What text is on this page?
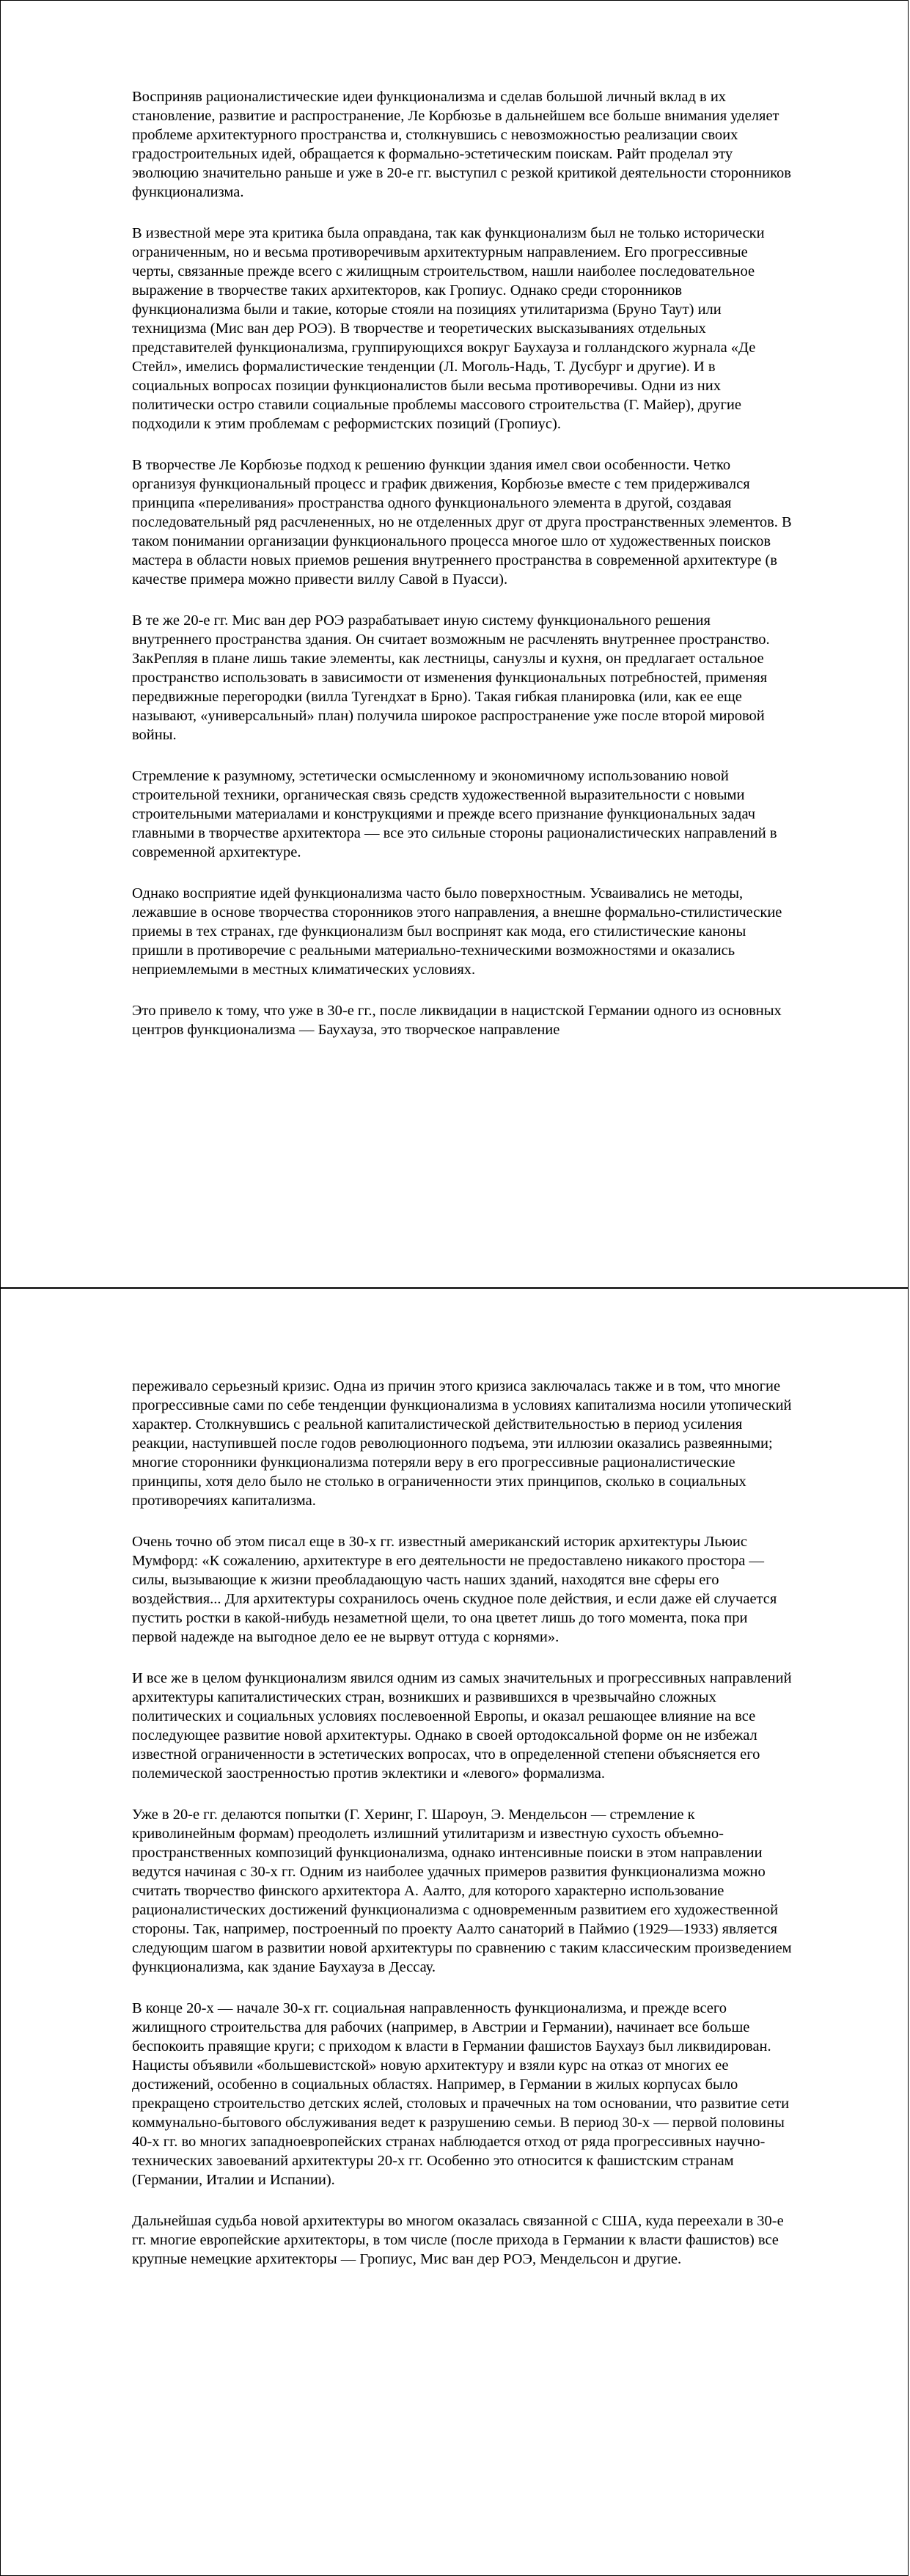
Восприняв рационалистические идеи функционализма и сделав большой личный вклад в их становление, развитие и распространение, Ле Корбюзье в дальнейшем все больше внимания уделяет проблеме архитектурного пространства и, столкнувшись с невозможностью реализации своих градостроительных идей, обращается к формально-эстетическим поискам. Райт проделал эту эволюцию значительно раньше и уже в 20-е гг. выступил с резкой критикой деятельности сторонников функционализма.

В известной мере эта критика была оправдана, так как функционализм был не только исторически ограниченным, но и весьма противоречивым архитектурным направлением. Его прогрессивные черты, связанные прежде всего с жилищным строительством, нашли наиболее последовательное выражение в творчестве таких архитекторов, как Гропиус. Однако среди сторонников функционализма были и такие, которые стояли на позициях утилитаризма (Бруно Таут) или техницизма (Мис ван дер РОЭ). В творчестве и теоретических высказываниях отдельных представителей функционализма, группирующихся вокруг Баухауза и голландского журнала «Де Стейл», имелись формалистические тенденции (Л. Моголь-Надь, Т. Дусбург и другие). И в социальных вопросах позиции функционалистов были весьма противоречивы. Одни из них политически остро ставили социальные проблемы массового строительства (Г. Майер), другие подходили к этим проблемам с реформистских позиций (Гропиус).

В творчестве Ле Корбюзье подход к решению функции здания имел свои особенности. Четко организуя функциональный процесс и график движения, Корбюзье вместе с тем придерживался принципа «переливания» пространства одного функционального элемента в другой, создавая последовательный ряд расчлененных, но не отделенных друг от друга пространственных элементов. В таком понимании организации функционального процесса многое шло от художественных поисков мастера в области новых приемов решения внутреннего пространства в современной архитектуре (в качестве примера можно привести виллу Савой в Пуасси).

В те же 20-е гг. Мис ван дер РОЭ разрабатывает иную систему функционального решения внутреннего пространства здания. Он считает возможным не расчленять внутреннее пространство. ЗакРепляя в плане лишь такие элементы, как лестницы, санузлы и кухня, он предлагает остальное пространство использовать в зависимости от изменения функциональных потребностей, применяя передвижные перегородки (вилла Тугендхат в Брно). Такая гибкая планировка (или, как ее еще называют, «универсальный» план) получила широкое распространение уже после второй мировой войны.

Стремление к разумному, эстетически осмысленному и экономичному использованию новой строительной техники, органическая связь средств художественной выразительности с новыми строительными материалами и конструкциями и прежде всего признание функциональных задач главными в творчестве архитектора — все это сильные стороны рационалистических направлений в современной архитектуре.

Однако восприятие идей функционализма часто было поверхностным. Усваивались не методы, лежавшие в основе творчества сторонников этого направления, а внешне формально-стилистические приемы в тех странах, где функционализм был воспринят как мода, его стилистические каноны пришли в противоречие с реальными материально-техническими возможностями и оказались неприемлемыми в местных климатических условиях.

Это привело к тому, что уже в 30-е гг., после ликвидации в нацистской Германии одного из основных центров функционализма — Баухауза, это творческое направление

переживало серьезный кризис. Одна из причин этого кризиса заключалась также и в том, что многие прогрессивные сами по себе тенденции функционализма в условиях капитализма носили утопический характер. Столкнувшись с реальной капиталистической действительностью в период усиления реакции, наступившей после годов революционного подъема, эти иллюзии оказались развеянными; многие сторонники функционализма потеряли веру в его прогрессивные рационалистические принципы, хотя дело было не столько в ограниченности этих принципов, сколько в социальных противоречиях капитализма.

Очень точно об этом писал еще в 30-х гг. известный американский историк архитектуры Льюис Мумфорд: «К сожалению, архитектуре в его деятельности не предоставлено никакого простора — силы, вызывающие к жизни преобладающую часть наших зданий, находятся вне сферы его воздействия... Для архитектуры сохранилось очень скудное поле действия, и если даже ей случается пустить ростки в какой-нибудь незаметной щели, то она цветет лишь до того момента, пока при первой надежде на выгодное дело ее не вырвут оттуда с корнями».

И все же в целом функционализм явился одним из самых значительных и прогрессивных направлений архитектуры капиталистических стран, возникших и развившихся в чрезвычайно сложных политических и социальных условиях послевоенной Европы, и оказал решающее влияние на все последующее развитие новой архитектуры. Однако в своей ортодоксальной форме он не избежал известной ограниченности в эстетических вопросах, что в определенной степени объясняется его полемической заостренностью против эклектики и «левого» формализма.

Уже в 20-е гг. делаются попытки (Г. Херинг, Г. Шароун, Э. Мендельсон — стремление к криволинейным формам) преодолеть излишний утилитаризм и известную сухость объемно-пространственных композиций функционализма, однако интенсивные поиски в этом направлении ведутся начиная с 30-х гг. Одним из наиболее удачных примеров развития функционализма можно считать творчество финского архитектора А. Аалто, для которого характерно использование рационалистических достижений функционализма с одновременным развитием его художественной стороны. Так, например, построенный по проекту Аалто санаторий в Паймио (1929—1933) является следующим шагом в развитии новой архитектуры по сравнению с таким классическим произведением функционализма, как здание Баухауза в Дессау.

В конце 20-х — начале 30-х гг. социальная направленность функционализма, и прежде всего жилищного строительства для рабочих (например, в Австрии и Германии), начинает все больше беспокоить правящие круги; с приходом к власти в Германии фашистов Баухауз был ликвидирован. Нацисты объявили «большевистской» новую архитектуру и взяли курс на отказ от многих ее достижений, особенно в социальных областях. Например, в Германии в жилых корпусах было прекращено строительство детских яслей, столовых и прачечных на том основании, что развитие сети коммунально-бытового обслуживания ведет к разрушению семьи. В период 30-х — первой половины 40-х гг. во многих западноевропейских странах наблюдается отход от ряда прогрессивных научно-технических завоеваний архитектуры 20-х гг. Особенно это относится к фашистским странам (Германии, Италии и Испании).

Дальнейшая судьба новой архитектуры во многом оказалась связанной с США, куда переехали в 30-е гг. многие европейские архитекторы, в том числе (после прихода в Германии к власти фашистов) все крупные немецкие архитекторы — Гропиус, Мис ван дер РОЭ, Мендельсон и другие.
